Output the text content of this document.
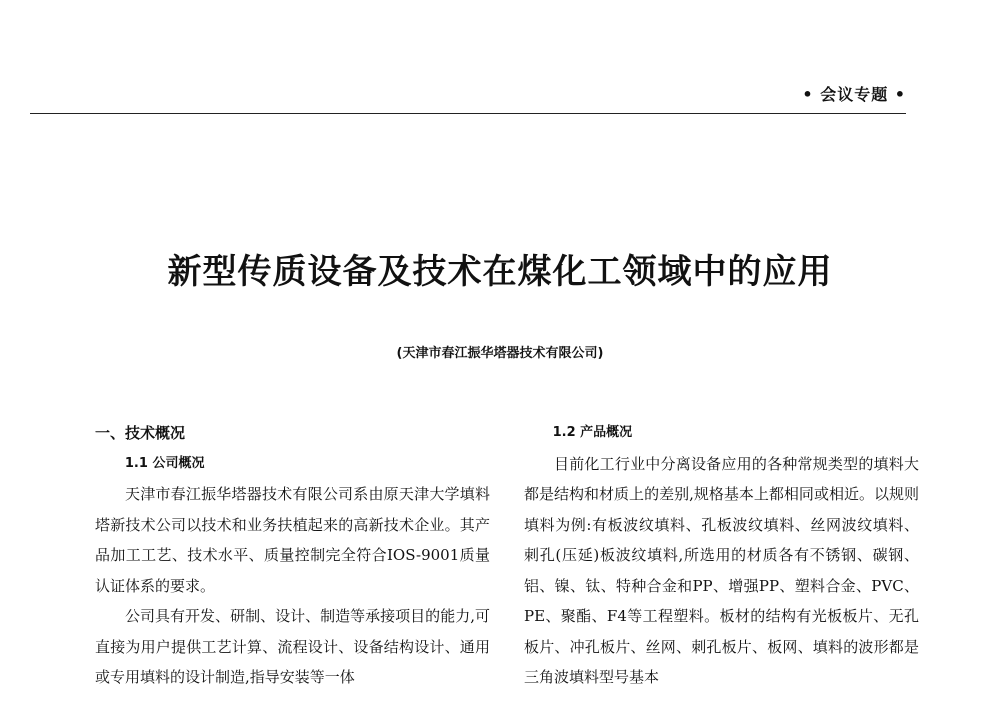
• 会议专题 •
新型传质设备及技术在煤化工领域中的应用
(天津市春江振华塔器技术有限公司)
一、技术概况
1.1 公司概况

天津市春江振华塔器技术有限公司系由原天津大学填料塔新技术公司以技术和业务扶植起来的高新技术企业。其产品加工工艺、技术水平、质量控制完全符合IOS-9001质量认证体系的要求。

公司具有开发、研制、设计、制造等承接项目的能力,可直接为用户提供工艺计算、流程设计、设备结构设计、通用或专用填料的设计制造,指导安装等一体

1.2 产品概况

目前化工行业中分离设备应用的各种常规类型的填料大都是结构和材质上的差别,规格基本上都相同或相近。以规则填料为例:有板波纹填料、孔板波纹填料、丝网波纹填料、刺孔(压延)板波纹填料,所选用的材质各有不锈钢、碳钢、铝、镍、钛、特种合金和PP、增强PP、塑料合金、PVC、PE、聚酯、F4等工程塑料。板材的结构有光板板片、无孔板片、冲孔板片、丝网、刺孔板片、板网、填料的波形都是三角波填料型号基本
